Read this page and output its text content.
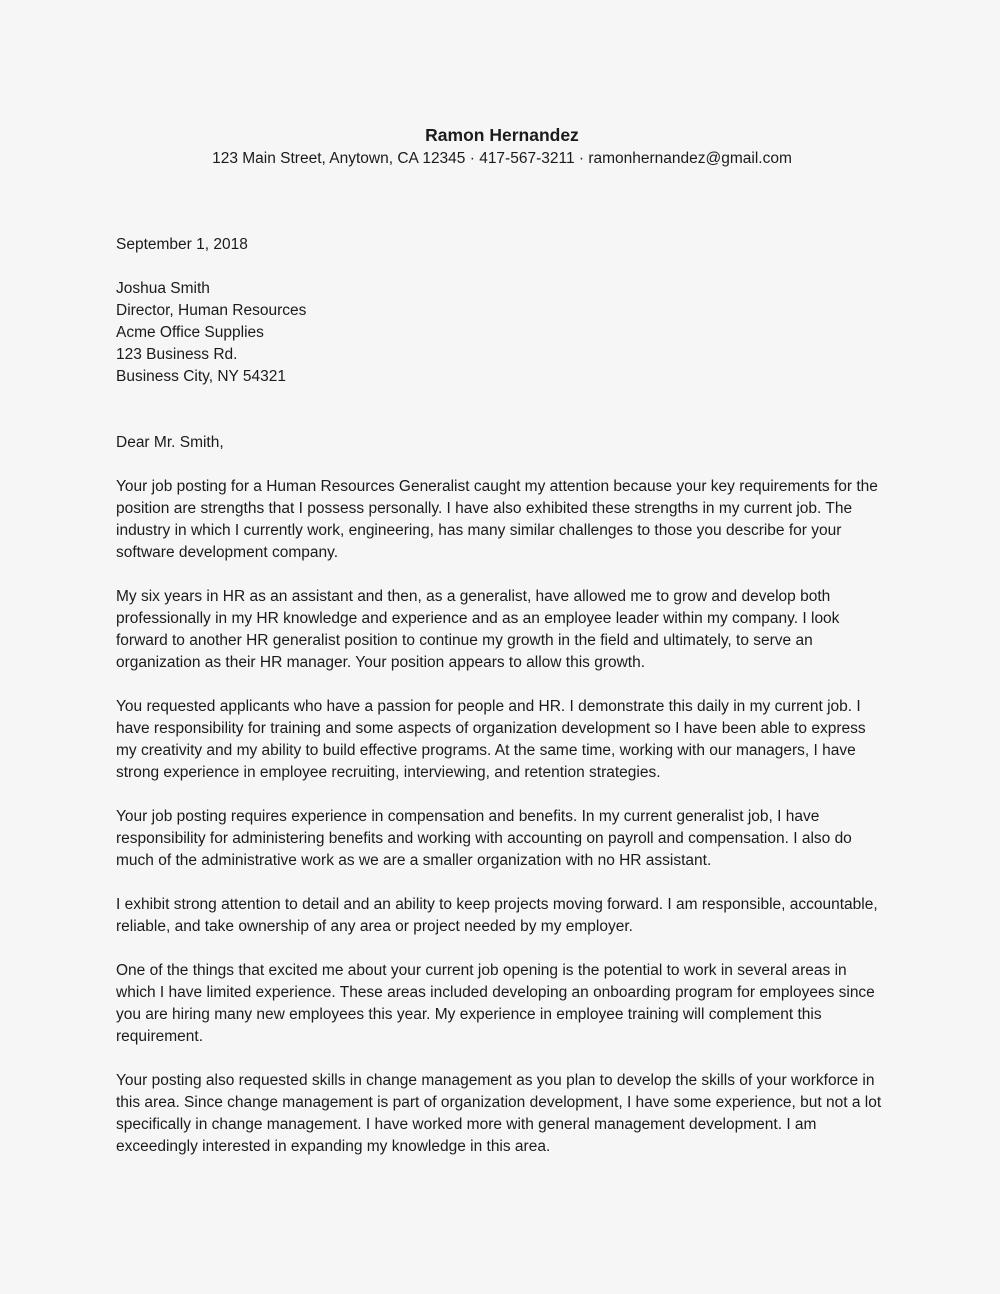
Ramon Hernandez

123 Main Street, Anytown, CA 12345 · 417-567-3211 · ramonhernandez@gmail.com

September 1, 2018

Joshua Smith

Director, Human Resources

Acme Office Supplies

123 Business Rd.

Business City, NY 54321

Dear Mr. Smith,

Your job posting for a Human Resources Generalist caught my attention because your key requirements for the position are strengths that I possess personally. I have also exhibited these strengths in my current job. The industry in which I currently work, engineering, has many similar challenges to those you describe for your software development company.

My six years in HR as an assistant and then, as a generalist, have allowed me to grow and develop both professionally in my HR knowledge and experience and as an employee leader within my company. I look forward to another HR generalist position to continue my growth in the field and ultimately, to serve an organization as their HR manager. Your position appears to allow this growth.

You requested applicants who have a passion for people and HR. I demonstrate this daily in my current job. I have responsibility for training and some aspects of organization development so I have been able to express my creativity and my ability to build effective programs. At the same time, working with our managers, I have strong experience in employee recruiting, interviewing, and retention strategies.

Your job posting requires experience in compensation and benefits. In my current generalist job, I have responsibility for administering benefits and working with accounting on payroll and compensation. I also do much of the administrative work as we are a smaller organization with no HR assistant.

I exhibit strong attention to detail and an ability to keep projects moving forward. I am responsible, accountable, reliable, and take ownership of any area or project needed by my employer.

One of the things that excited me about your current job opening is the potential to work in several areas in which I have limited experience. These areas included developing an onboarding program for employees since you are hiring many new employees this year. My experience in employee training will complement this requirement.

Your posting also requested skills in change management as you plan to develop the skills of your workforce in this area. Since change management is part of organization development, I have some experience, but not a lot specifically in change management. I have worked more with general management development. I am exceedingly interested in expanding my knowledge in this area.
